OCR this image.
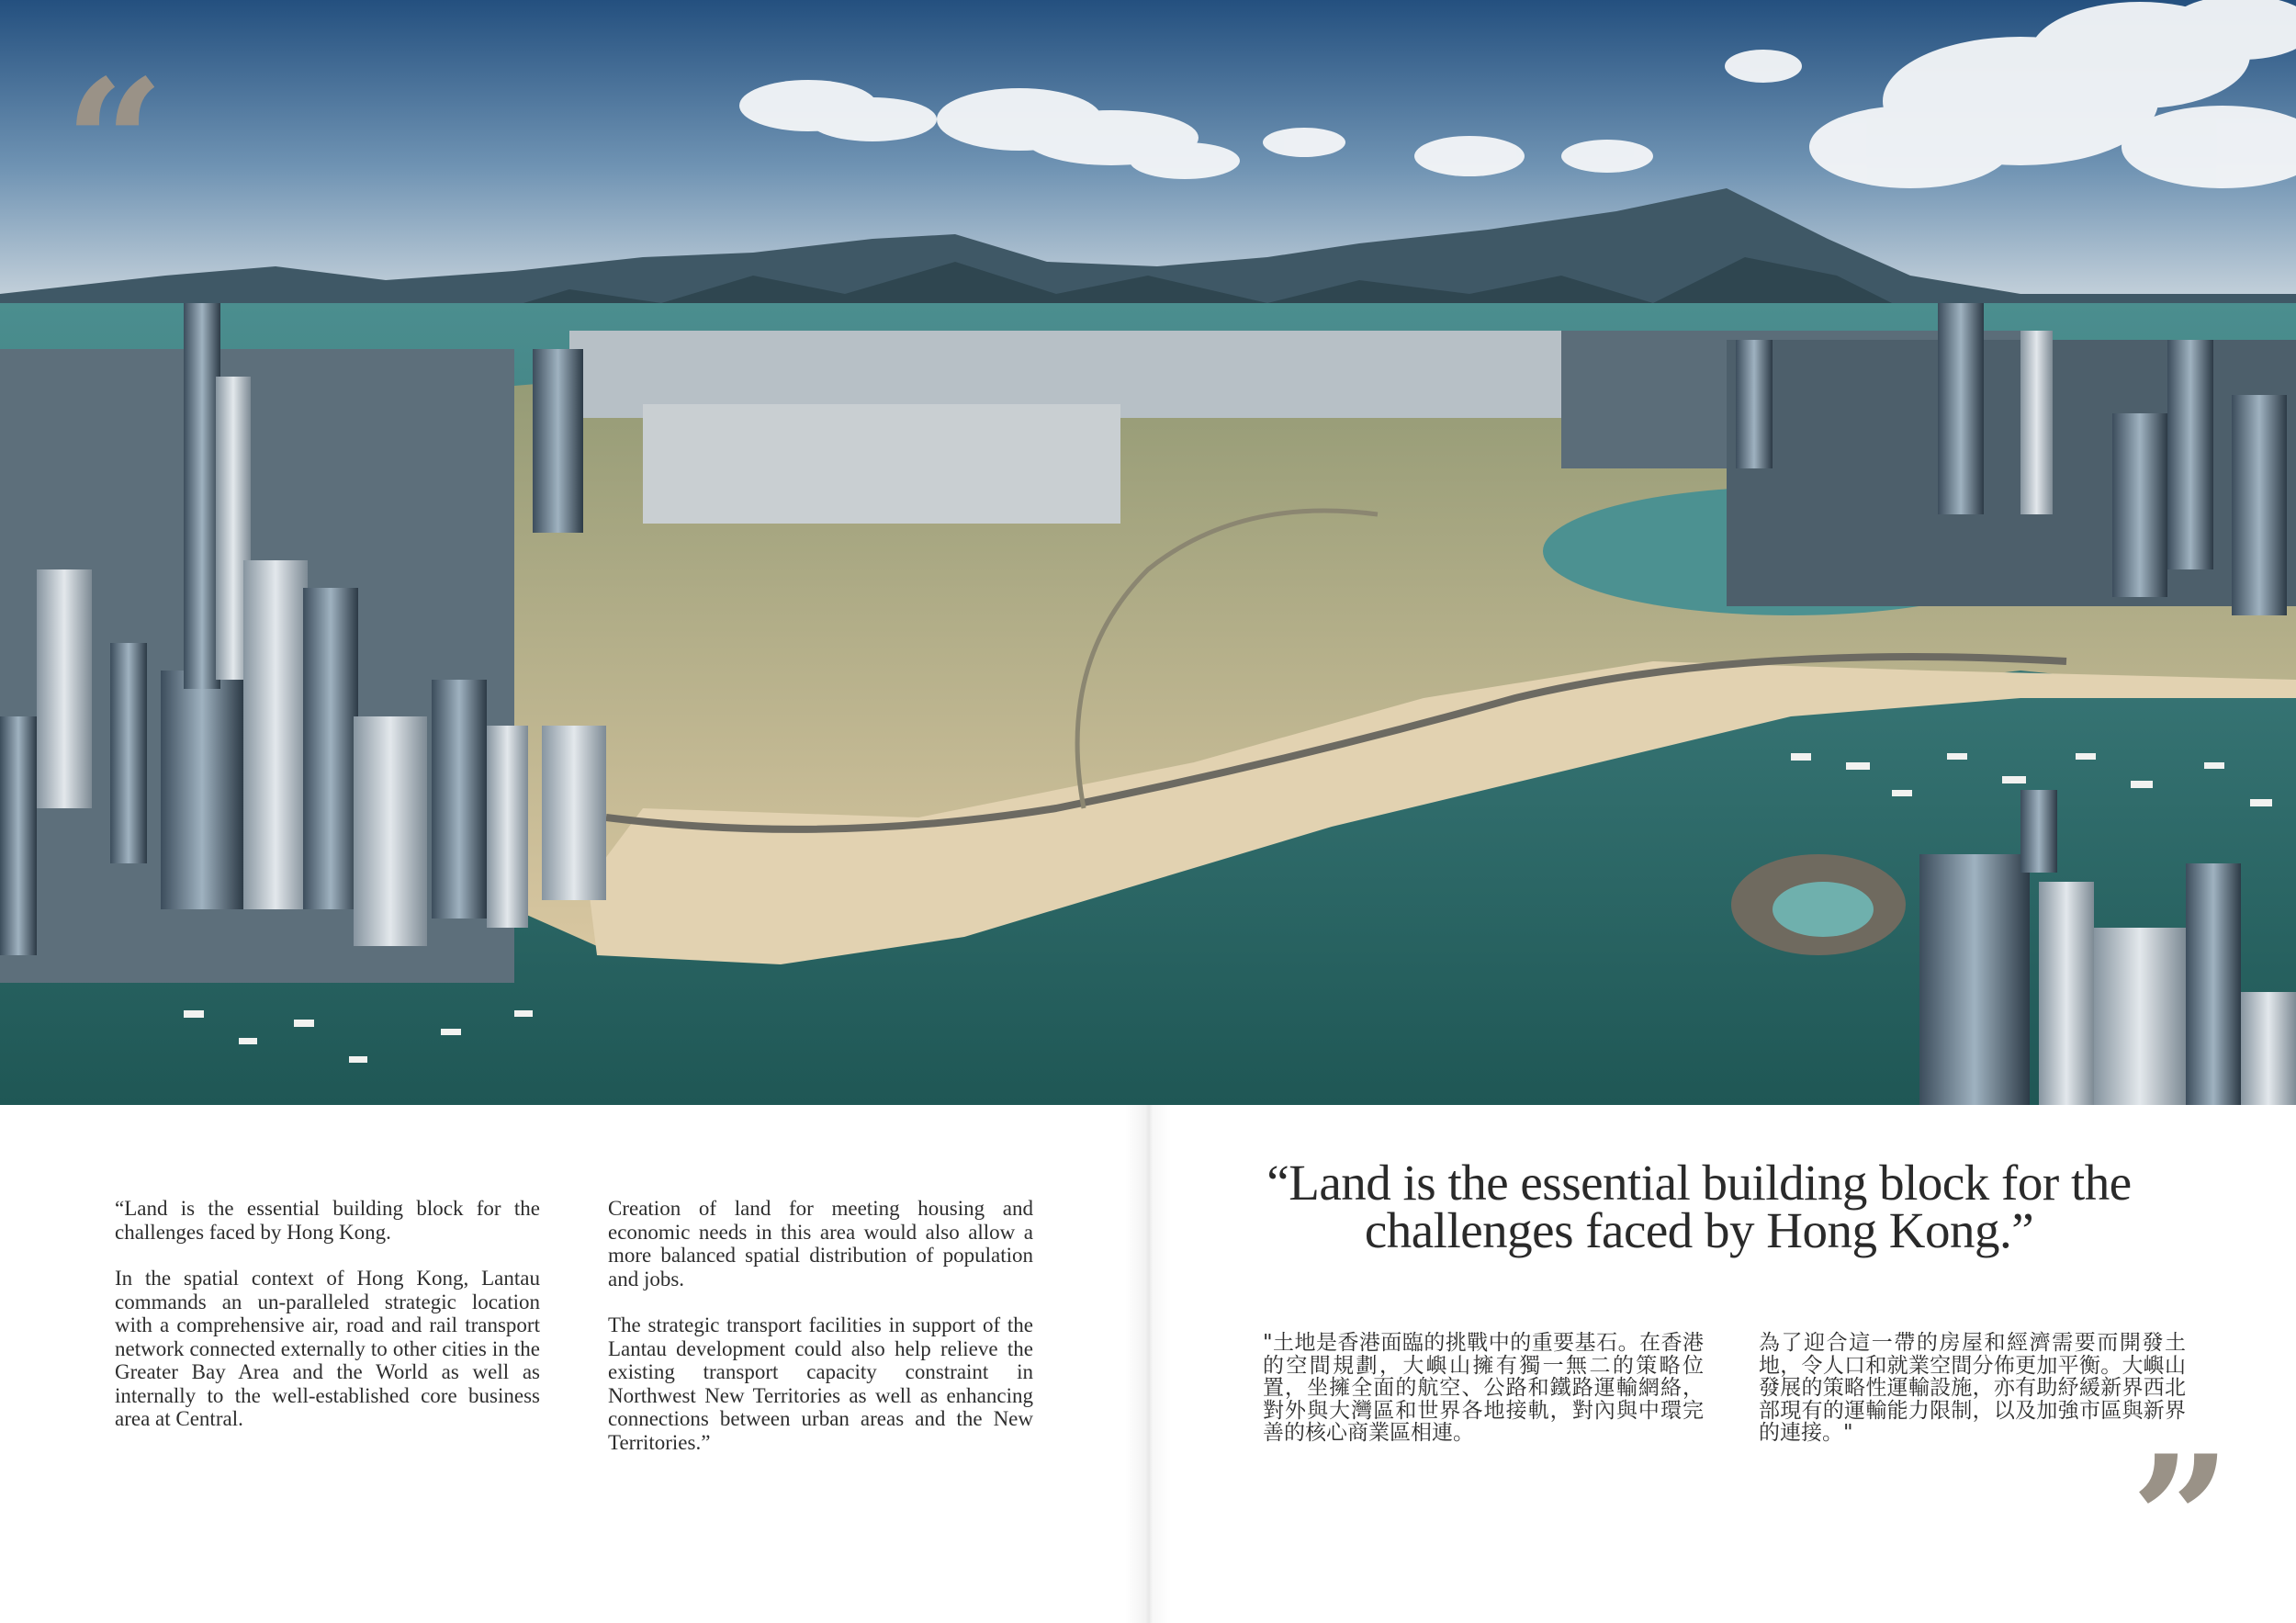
“

“Land is the essential building block for the challenges faced by Hong Kong.

In the spatial context of Hong Kong, Lantau commands an un-paralleled strategic location with a comprehensive air, road and rail transport network connected externally to other cities in the Greater Bay Area and the World as well as internally to the well-established core business area at Central.

Creation of land for meeting housing and economic needs in this area would also allow a more balanced spatial distribution of population and jobs.

The strategic transport facilities in support of the Lantau development could also help relieve the existing transport capacity constraint in Northwest New Territories as well as enhancing connections between urban areas and the New Territories.”

“Land is the essential building block for the challenges faced by Hong Kong.”
"土地是香港面臨的挑戰中的重要基石。在香港的空間規劃，大嶼山擁有獨一無二的策略位置，坐擁全面的航空、公路和鐵路運輸網絡，對外與大灣區和世界各地接軌，對內與中環完善的核心商業區相連。
為了迎合這一帶的房屋和經濟需要而開發土地，令人口和就業空間分佈更加平衡。大嶼山發展的策略性運輸設施，亦有助紓緩新界西北部現有的運輸能力限制，以及加強市區與新界的連接。"	”
